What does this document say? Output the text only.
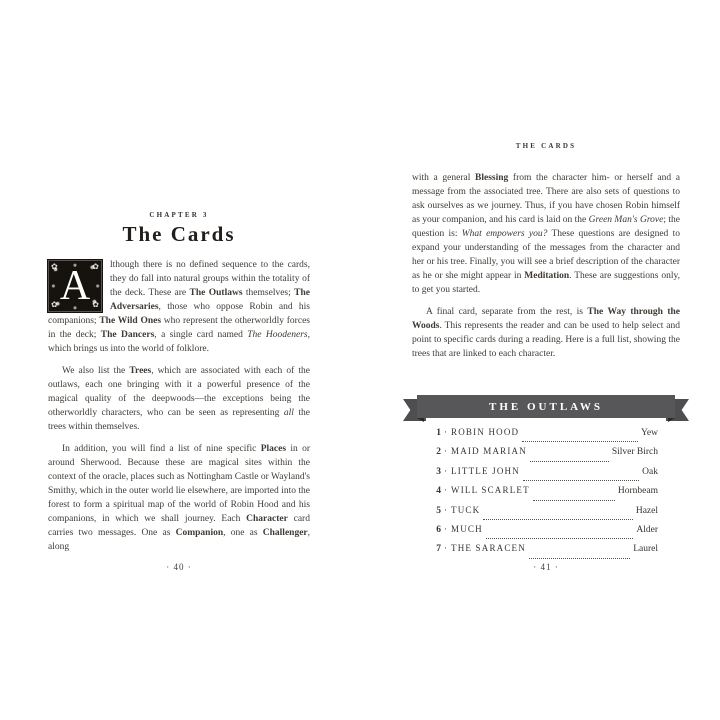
CHAPTER 3
The Cards

✿	✿
✿	✿
A	lthough there is no defined sequence to the cards, they do fall into natural groups within the totality of the deck. These are The Outlaws themselves; The Adversaries, those who oppose Robin and his companions; The Wild Ones who represent the otherworldly forces in the deck; The Dancers, a single card named The Hoodeners, which brings us into the world of folklore.

We also list the Trees, which are associated with each of the outlaws, each one bringing with it a powerful presence of the magical quality of the deepwoods—the exceptions being the otherworldly characters, who can be seen as representing all the trees within themselves.

In addition, you will find a list of nine specific Places in or around Sherwood. Because these are magical sites within the context of the oracle, places such as Nottingham Castle or Wayland's Smithy, which in the outer world lie elsewhere, are imported into the forest to form a spiritual map of the world of Robin Hood and his companions, in which we shall journey. Each Character card carries two messages. One as Companion, one as Challenger, along

· 40 ·
THE CARDS

with a general Blessing from the character him- or herself and a message from the associated tree. There are also sets of questions to ask ourselves as we journey. Thus, if you have chosen Robin himself as your companion, and his card is laid on the Green Man's Grove; the question is: What empowers you? These questions are designed to expand your understanding of the messages from the character and her or his tree. Finally, you will see a brief description of the character as he or she might appear in Meditation. These are suggestions only, to get you started.

A final card, separate from the rest, is The Way through the Woods. This represents the reader and can be used to help select and point to specific cards during a reading. Here is a full list, showing the trees that are linked to each character.

THE OUTLAWS
1 · ROBIN HOOD	Yew
2 · MAID MARIAN	Silver Birch
3 · LITTLE JOHN	Oak
4 · WILL SCARLET	Hornbeam
5 · TUCK	Hazel
6 · MUCH	Alder
7 · THE SARACEN	Laurel
· 41 ·
